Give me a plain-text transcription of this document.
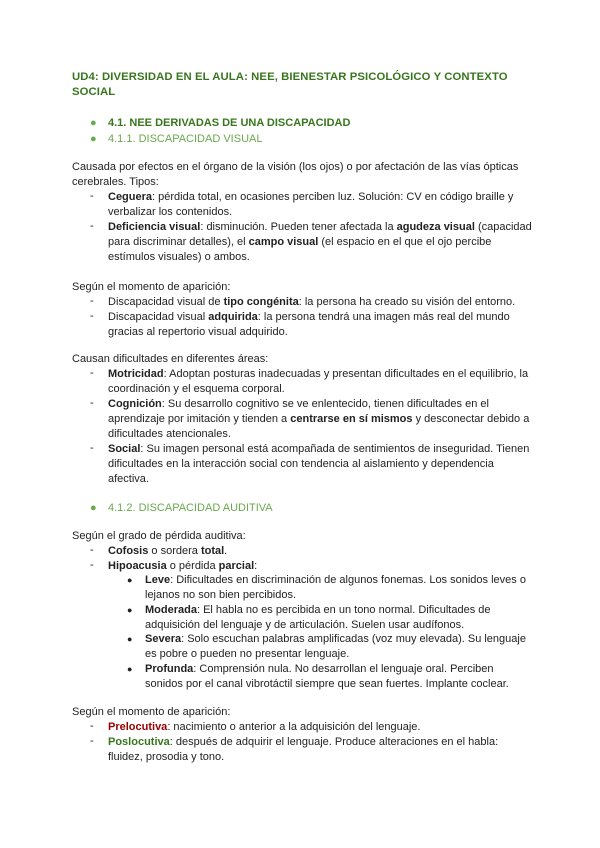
UD4: DIVERSIDAD EN EL AULA: NEE, BIENESTAR PSICOLÓGICO Y CONTEXTO SOCIAL
● 4.1. NEE DERIVADAS DE UNA DISCAPACIDAD
● 4.1.1. DISCAPACIDAD VISUAL
Causada por efectos en el órgano de la visión (los ojos) o por afectación de las vías ópticas cerebrales. Tipos:
- Ceguera: pérdida total, en ocasiones perciben luz. Solución: CV en código braille y verbalizar los contenidos.
- Deficiencia visual: disminución. Pueden tener afectada la agudeza visual (capacidad para discriminar detalles), el campo visual (el espacio en el que el ojo percibe estímulos visuales) o ambos.
Según el momento de aparición:
- Discapacidad visual de tipo congénita: la persona ha creado su visión del entorno.
- Discapacidad visual adquirida: la persona tendrá una imagen más real del mundo gracias al repertorio visual adquirido.
Causan dificultades en diferentes áreas:
- Motricidad: Adoptan posturas inadecuadas y presentan dificultades en el equilibrio, la coordinación y el esquema corporal.
- Cognición: Su desarrollo cognitivo se ve enlentecido, tienen dificultades en el aprendizaje por imitación y tienden a centrarse en sí mismos y desconectar debido a dificultades atencionales.
- Social: Su imagen personal está acompañada de sentimientos de inseguridad. Tienen dificultades en la interacción social con tendencia al aislamiento y dependencia afectiva.
● 4.1.2. DISCAPACIDAD AUDITIVA
Según el grado de pérdida auditiva:
- Cofosis o sordera total.
- Hipoacusia o pérdida parcial:
● Leve: Dificultades en discriminación de algunos fonemas. Los sonidos leves o lejanos no son bien percibidos.
● Moderada: El habla no es percibida en un tono normal. Dificultades de adquisición del lenguaje y de articulación. Suelen usar audífonos.
● Severa: Solo escuchan palabras amplificadas (voz muy elevada). Su lenguaje es pobre o pueden no presentar lenguaje.
● Profunda: Comprensión nula. No desarrollan el lenguaje oral. Perciben sonidos por el canal vibrotáctil siempre que sean fuertes. Implante coclear.
Según el momento de aparición:
- Prelocutiva: nacimiento o anterior a la adquisición del lenguaje.
- Poslocutiva: después de adquirir el lenguaje. Produce alteraciones en el habla: fluidez, prosodia y tono.
